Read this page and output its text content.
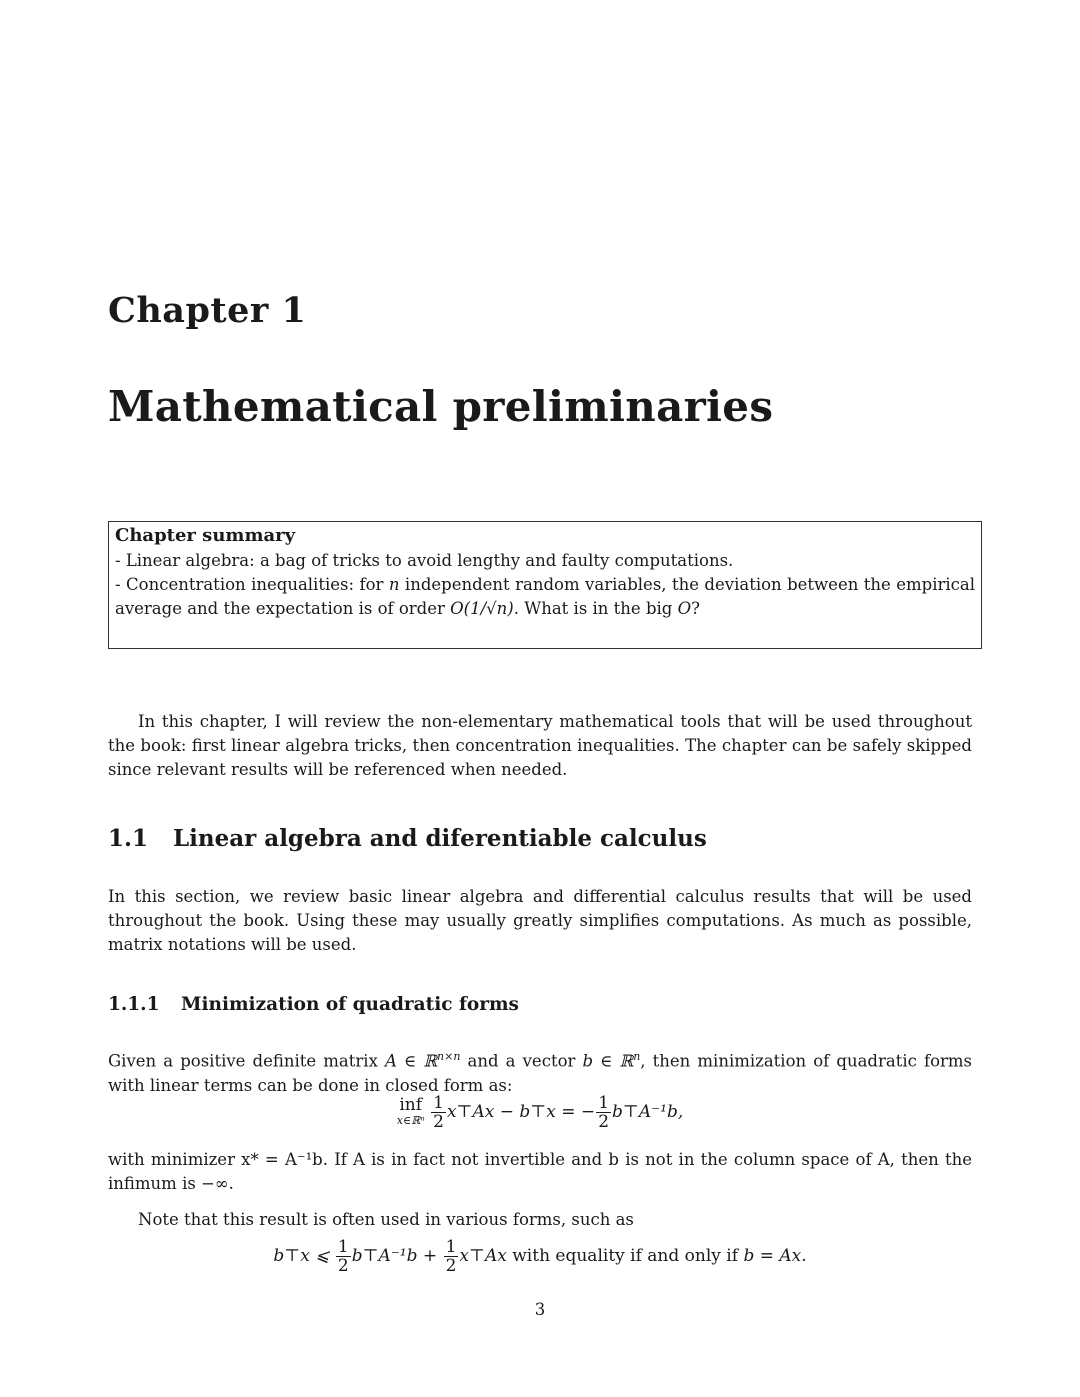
Chapter 1
Mathematical preliminaries

Chapter summary

- Linear algebra: a bag of tricks to avoid lengthy and faulty computations.

- Concentration inequalities: for n independent random variables, the deviation between the empirical average and the expectation is of order O(1/√n). What is in the big O?

In this chapter, I will review the non-elementary mathematical tools that will be used throughout the book: first linear algebra tricks, then concentration inequalities. The chapter can be safely skipped since relevant results will be referenced when needed.

1.1 Linear algebra and diferentiable calculus

In this section, we review basic linear algebra and differential calculus results that will be used throughout the book. Using these may usually greatly simplifies computations. As much as possible, matrix notations will be used.

1.1.1 Minimization of quadratic forms

Given a positive definite matrix A ∈ ℝ$^{n\times n}$ and a vector b ∈ ℝ$^n$, then minimization of quadratic forms with linear terms can be done in closed form as:

inf
x∈ℝⁿ
$\frac{1}{2}$ x⊤Ax − b⊤x = − $\frac{1}{2}$ b⊤A⁻¹b,

with minimizer x* = A⁻¹b. If A is in fact not invertible and b is not in the column space of A, then the infimum is −∞.

Note that this result is often used in various forms, such as

b⊤x ⩽ $\frac{1}{2}$ b⊤A⁻¹b + $\frac{1}{2}$ x⊤Ax with equality if and only if b = Ax.

3
